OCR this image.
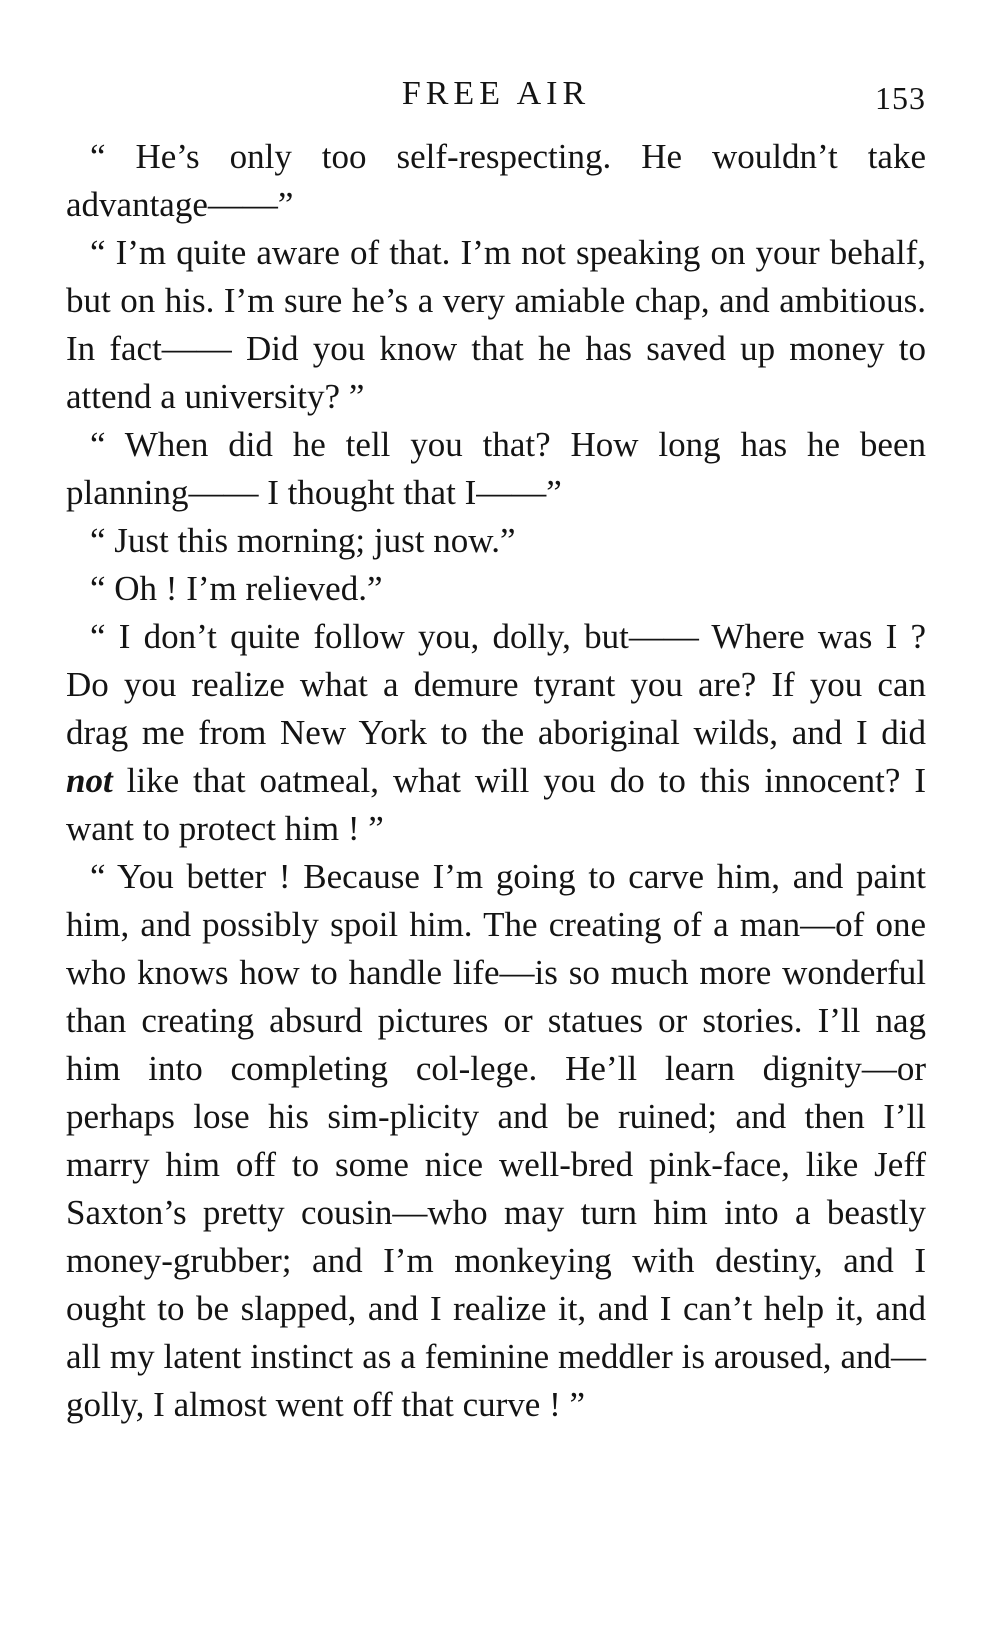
FREE AIR	153

“ He’s only too self-respecting. He wouldn’t take advantage——”

“ I’m quite aware of that. I’m not speaking on your behalf, but on his. I’m sure he’s a very amiable chap, and ambitious. In fact—— Did you know that he has saved up money to attend a university? ”

“ When did he tell you that? How long has he been planning—— I thought that I——”

“ Just this morning; just now.”

“ Oh ! I’m relieved.”

“ I don’t quite follow you, dolly, but—— Where was I ? Do you realize what a demure tyrant you are? If you can drag me from New York to the aboriginal wilds, and I did not like that oatmeal, what will you do to this innocent? I want to protect him ! ”

“ You better ! Because I’m going to carve him, and paint him, and possibly spoil him. The creating of a man—of one who knows how to handle life—is so much more wonderful than creating absurd pictures or statues or stories. I’ll nag him into completing col-lege. He’ll learn dignity—or perhaps lose his sim-plicity and be ruined; and then I’ll marry him off to some nice well-bred pink-face, like Jeff Saxton’s pretty cousin—who may turn him into a beastly money-grubber; and I’m monkeying with destiny, and I ought to be slapped, and I realize it, and I can’t help it, and all my latent instinct as a feminine meddler is aroused, and—golly, I almost went off that curve ! ”
